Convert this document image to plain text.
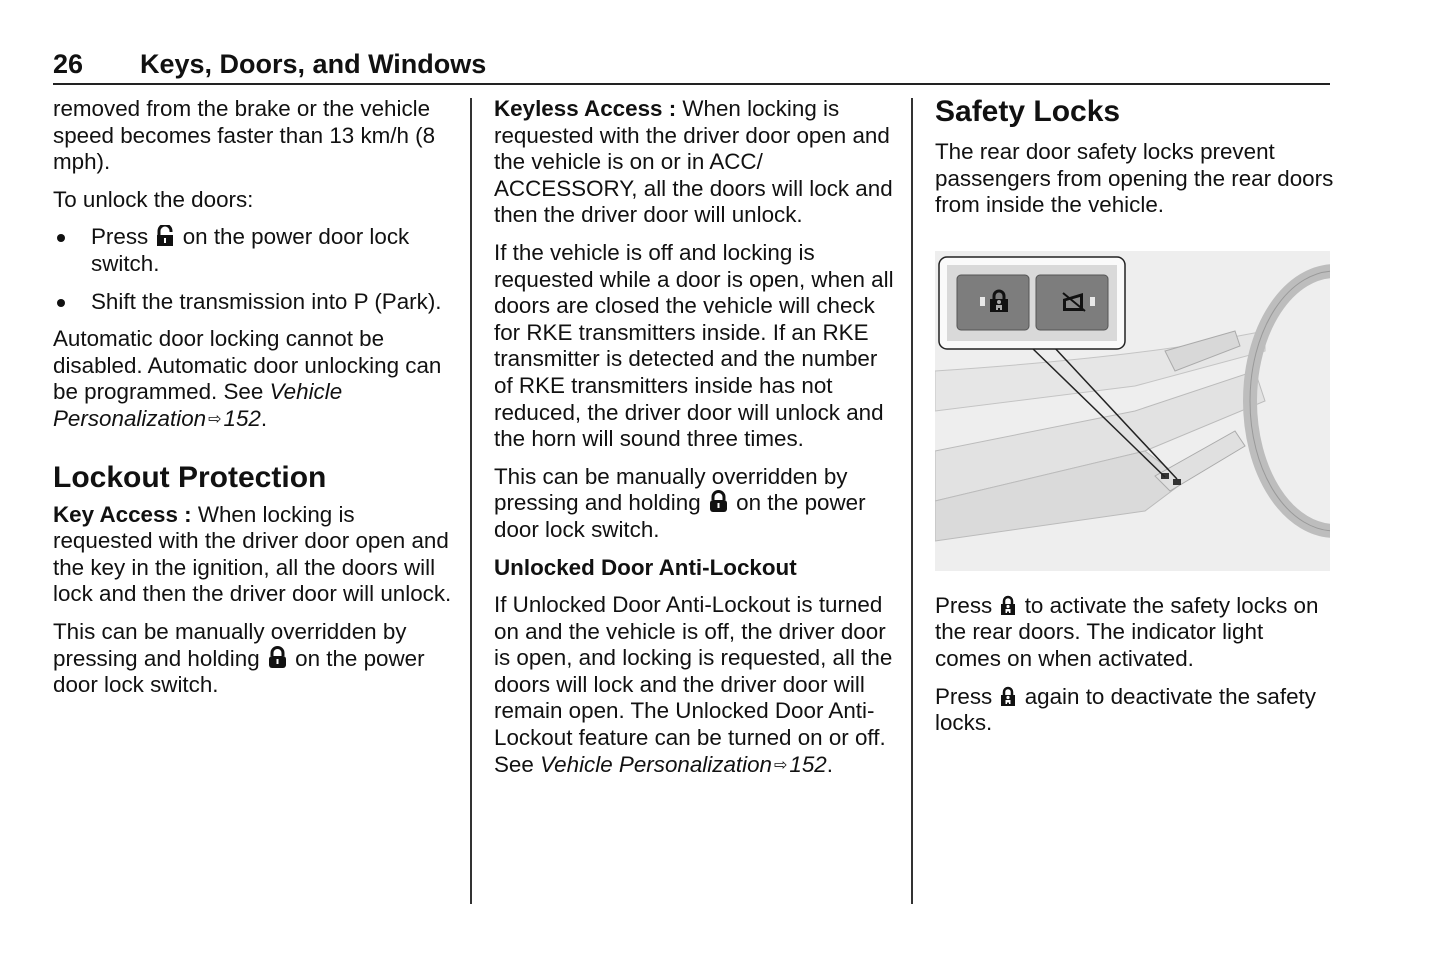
26 Keys, Doors, and Windows

removed from the brake or the vehicle speed becomes faster than 13 km/h (8 mph).

To unlock the doors:

Press on the power door lock switch.
Shift the transmission into P (Park).

Automatic door locking cannot be disabled. Automatic door unlocking can be programmed. See Vehicle Personalization ⇨152.

Lockout Protection

Key Access : When locking is requested with the driver door open and the key in the ignition, all the doors will lock and then the driver door will unlock.

This can be manually overridden by pressing and holding on the power door lock switch.

Keyless Access : When locking is requested with the driver door open and the vehicle is on or in ACC/ ACCESSORY, all the doors will lock and then the driver door will unlock.

If the vehicle is off and locking is requested while a door is open, when all doors are closed the vehicle will check for RKE transmitters inside. If an RKE transmitter is detected and the number of RKE transmitters inside has not reduced, the driver door will unlock and the horn will sound three times.

This can be manually overridden by pressing and holding on the power door lock switch.

Unlocked Door Anti-Lockout

If Unlocked Door Anti-Lockout is turned on and the vehicle is off, the driver door is open, and locking is requested, all the doors will lock and the driver door will remain open. The Unlocked Door Anti-Lockout feature can be turned on or off. See Vehicle Personalization ⇨152.

Safety Locks

The rear door safety locks prevent passengers from opening the rear doors from inside the vehicle.

Press to activate the safety locks on the rear doors. The indicator light comes on when activated.

Press again to deactivate the safety locks.
